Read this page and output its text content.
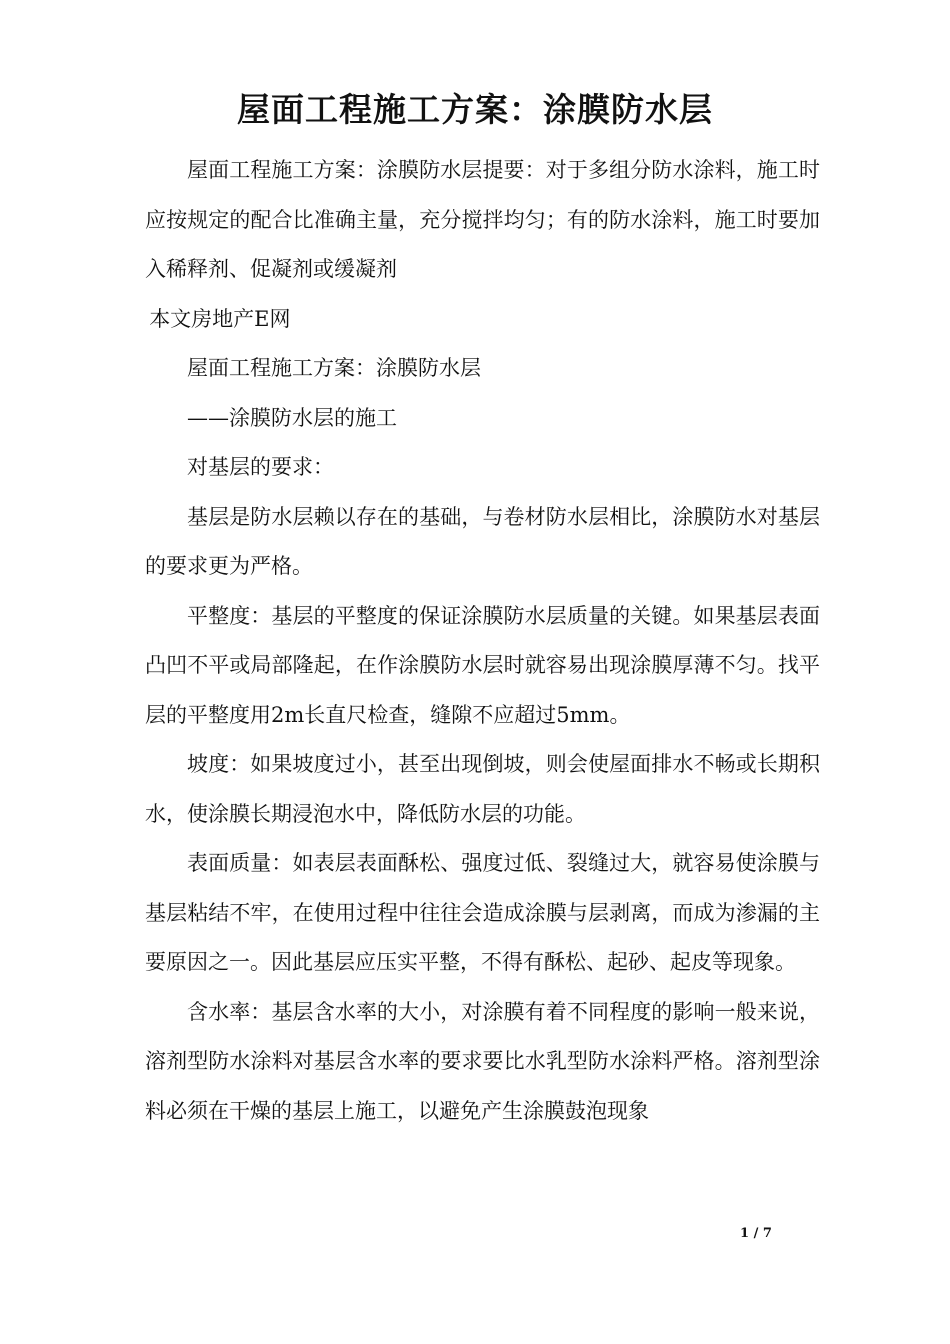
屋面工程施工方案：涂膜防水层

屋面工程施工方案：涂膜防水层提要：对于多组分防水涂料，施工时应按规定的配合比准确主量，充分搅拌均匀；有的防水涂料，施工时要加入稀释剂、促凝剂或缓凝剂

本文房地产E网

屋面工程施工方案：涂膜防水层

——涂膜防水层的施工

对基层的要求：

基层是防水层赖以存在的基础，与卷材防水层相比，涂膜防水对基层的要求更为严格。

平整度：基层的平整度的保证涂膜防水层质量的关键。如果基层表面凸凹不平或局部隆起，在作涂膜防水层时就容易出现涂膜厚薄不匀。找平层的平整度用2m长直尺检查，缝隙不应超过5mm。

坡度：如果坡度过小，甚至出现倒坡，则会使屋面排水不畅或长期积水，使涂膜长期浸泡水中，降低防水层的功能。

表面质量：如表层表面酥松、强度过低、裂缝过大，就容易使涂膜与基层粘结不牢，在使用过程中往往会造成涂膜与层剥离，而成为渗漏的主要原因之一。因此基层应压实平整，不得有酥松、起砂、起皮等现象。

含水率：基层含水率的大小，对涂膜有着不同程度的影响一般来说，溶剂型防水涂料对基层含水率的要求要比水乳型防水涂料严格。溶剂型涂料必须在干燥的基层上施工，以避免产生涂膜鼓泡现象

1 / 7
